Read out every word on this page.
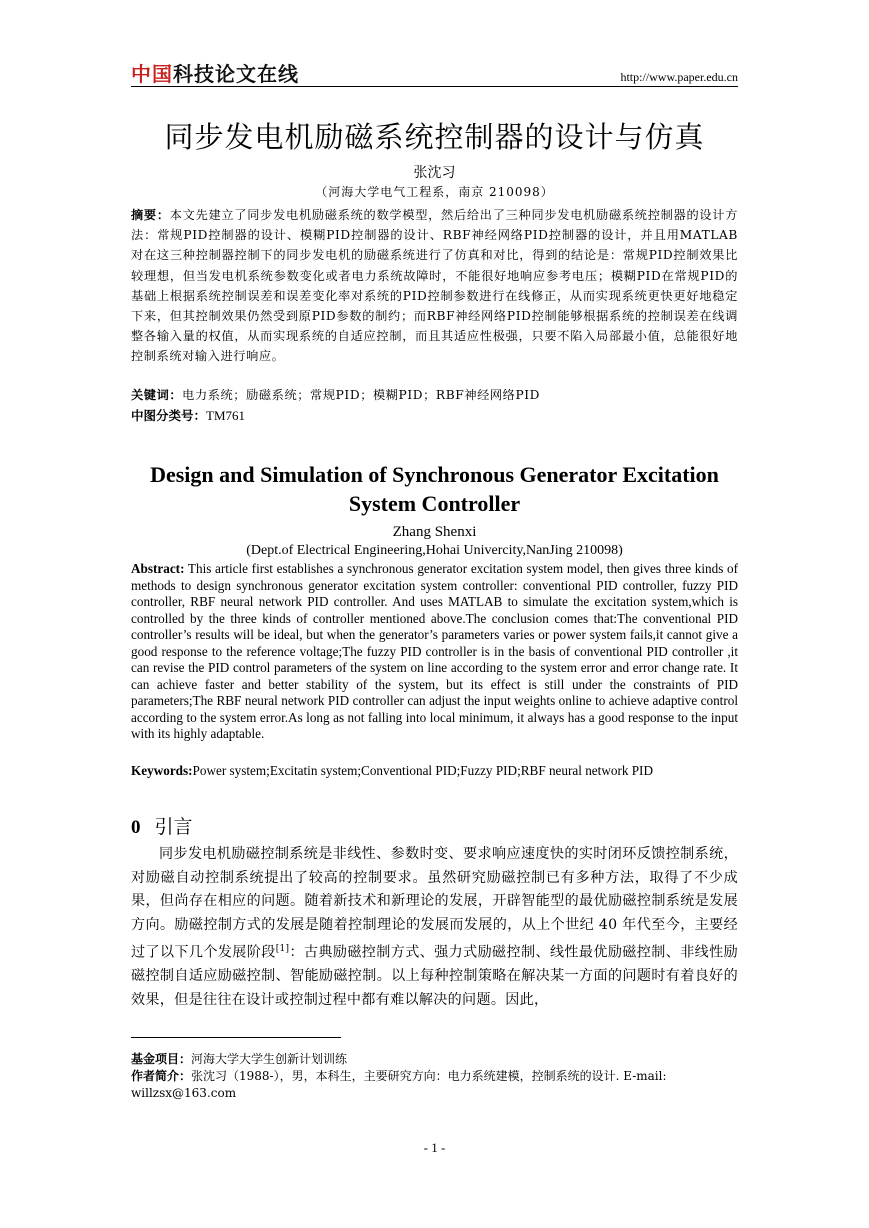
中国科技论文在线	http://www.paper.edu.cn
同步发电机励磁系统控制器的设计与仿真
张沈习
（河海大学电气工程系，南京 210098）
摘要：本文先建立了同步发电机励磁系统的数学模型，然后给出了三种同步发电机励磁系统控制器的设计方法：常规PID控制器的设计、模糊PID控制器的设计、RBF神经网络PID控制器的设计，并且用MATLAB对在这三种控制器控制下的同步发电机的励磁系统进行了仿真和对比，得到的结论是：常规PID控制效果比较理想，但当发电机系统参数变化或者电力系统故障时，不能很好地响应参考电压；模糊PID在常规PID的基础上根据系统控制误差和误差变化率对系统的PID控制参数进行在线修正，从而实现系统更快更好地稳定下来，但其控制效果仍然受到原PID参数的制约；而RBF神经网络PID控制能够根据系统的控制误差在线调整各输入量的权值，从而实现系统的自适应控制，而且其适应性极强，只要不陷入局部最小值，总能很好地控制系统对输入进行响应。
关键词：电力系统；励磁系统；常规PID；模糊PID；RBF神经网络PID
中图分类号：TM761
Design and Simulation of Synchronous Generator Excitation System Controller
Zhang Shenxi
(Dept.of Electrical Engineering,Hohai Univercity,NanJing 210098)
Abstract: This article first establishes a synchronous generator excitation system model, then gives three kinds of methods to design synchronous generator excitation system controller: conventional PID controller, fuzzy PID controller, RBF neural network PID controller. And uses MATLAB to simulate the excitation system,which is controlled by the three kinds of controller mentioned above.The conclusion comes that:The conventional PID controller’s results will be ideal, but when the generator’s parameters varies or power system fails,it cannot give a good response to the reference voltage;The fuzzy PID controller is in the basis of conventional PID controller ,it can revise the PID control parameters of the system on line according to the system error and error change rate. It can achieve faster and better stability of the system, but its effect is still under the constraints of PID parameters;The RBF neural network PID controller can adjust the input weights online to achieve adaptive control according to the system error.As long as not falling into local minimum, it always has a good response to the input with its highly adaptable.
Keywords:Power system;Excitatin system;Conventional PID;Fuzzy PID;RBF neural network PID
0 引言
同步发电机励磁控制系统是非线性、参数时变、要求响应速度快的实时闭环反馈控制系统，对励磁自动控制系统提出了较高的控制要求。虽然研究励磁控制已有多种方法，取得了不少成果，但尚存在相应的问题。随着新技术和新理论的发展，开辟智能型的最优励磁控制系统是发展方向。励磁控制方式的发展是随着控制理论的发展而发展的，从上个世纪 40 年代至今，主要经过了以下几个发展阶段[1]：古典励磁控制方式、强力式励磁控制、线性最优励磁控制、非线性励磁控制自适应励磁控制、智能励磁控制。以上每种控制策略在解决某一方面的问题时有着良好的效果，但是往往在设计或控制过程中都有难以解决的问题。因此，
基金项目：河海大学大学生创新计划训练
作者简介：张沈习（1988-），男，本科生，主要研究方向：电力系统建模，控制系统的设计. E-mail: willzsx@163.com
- 1 -
